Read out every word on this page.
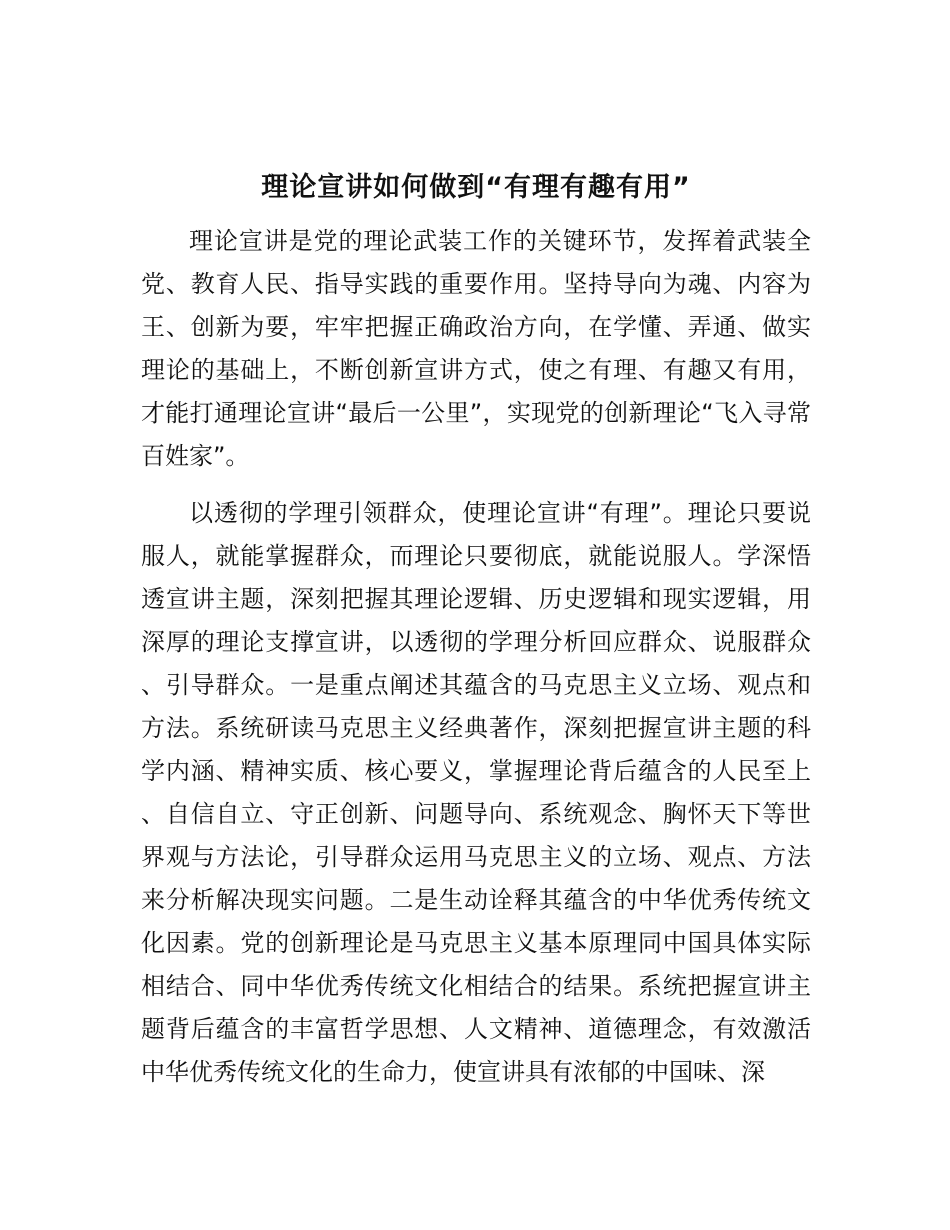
理论宣讲如何做到“有理有趣有用”

理论宣讲是党的理论武装工作的关键环节，发挥着武装全党、教育人民、指导实践的重要作用。坚持导向为魂、内容为王、创新为要，牢牢把握正确政治方向，在学懂、弄通、做实理论的基础上，不断创新宣讲方式，使之有理、有趣又有用，才能打通理论宣讲“最后一公里”，实现党的创新理论“飞入寻常百姓家”。

以透彻的学理引领群众，使理论宣讲“有理”。理论只要说服人，就能掌握群众，而理论只要彻底，就能说服人。学深悟透宣讲主题，深刻把握其理论逻辑、历史逻辑和现实逻辑，用深厚的理论支撑宣讲，以透彻的学理分析回应群众、说服群众、引导群众。一是重点阐述其蕴含的马克思主义立场、观点和方法。系统研读马克思主义经典著作，深刻把握宣讲主题的科学内涵、精神实质、核心要义，掌握理论背后蕴含的人民至上、自信自立、守正创新、问题导向、系统观念、胸怀天下等世界观与方法论，引导群众运用马克思主义的立场、观点、方法来分析解决现实问题。二是生动诠释其蕴含的中华优秀传统文化因素。党的创新理论是马克思主义基本原理同中国具体实际相结合、同中华优秀传统文化相结合的结果。系统把握宣讲主题背后蕴含的丰富哲学思想、人文精神、道德理念，有效激活中华优秀传统文化的生命力，使宣讲具有浓郁的中国味、深
